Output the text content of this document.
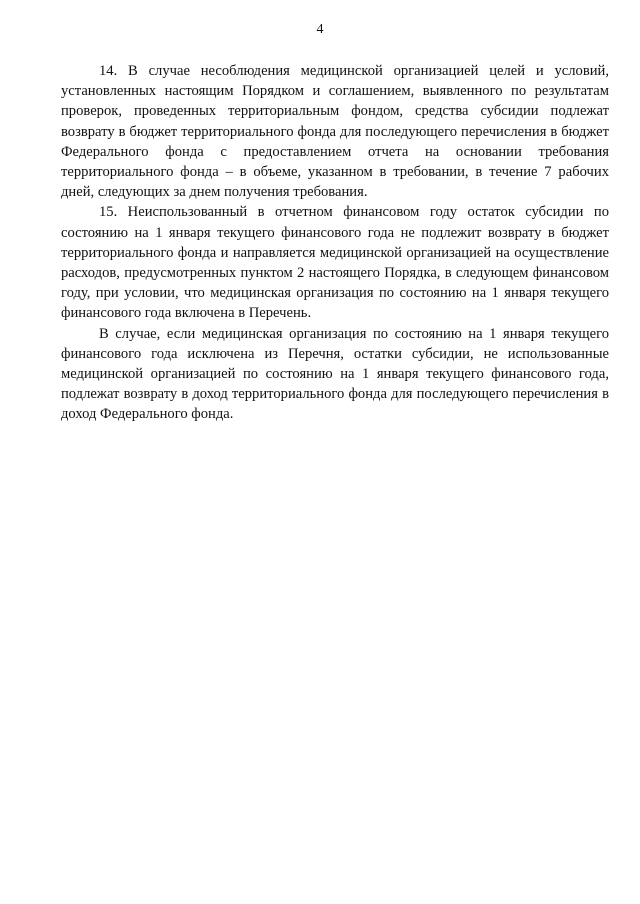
4

14. В случае несоблюдения медицинской организацией целей и условий, установленных настоящим Порядком и соглашением, выявленного по результатам проверок, проведенных территориальным фондом, средства субсидии подлежат возврату в бюджет территориального фонда для последующего перечисления в бюджет Федерального фонда с предоставлением отчета на основании требования территориального фонда – в объеме, указанном в требовании, в течение 7 рабочих дней, следующих за днем получения требования.

15. Неиспользованный в отчетном финансовом году остаток субсидии по состоянию на 1 января текущего финансового года не подлежит возврату в бюджет территориального фонда и направляется медицинской организацией на осуществление расходов, предусмотренных пунктом 2 настоящего Порядка, в следующем финансовом году, при условии, что медицинская организация по состоянию на 1 января текущего финансового года включена в Перечень.

В случае, если медицинская организация по состоянию на 1 января текущего финансового года исключена из Перечня, остатки субсидии, не использованные медицинской организацией по состоянию на 1 января текущего финансового года, подлежат возврату в доход территориального фонда для последующего перечисления в доход Федерального фонда.
